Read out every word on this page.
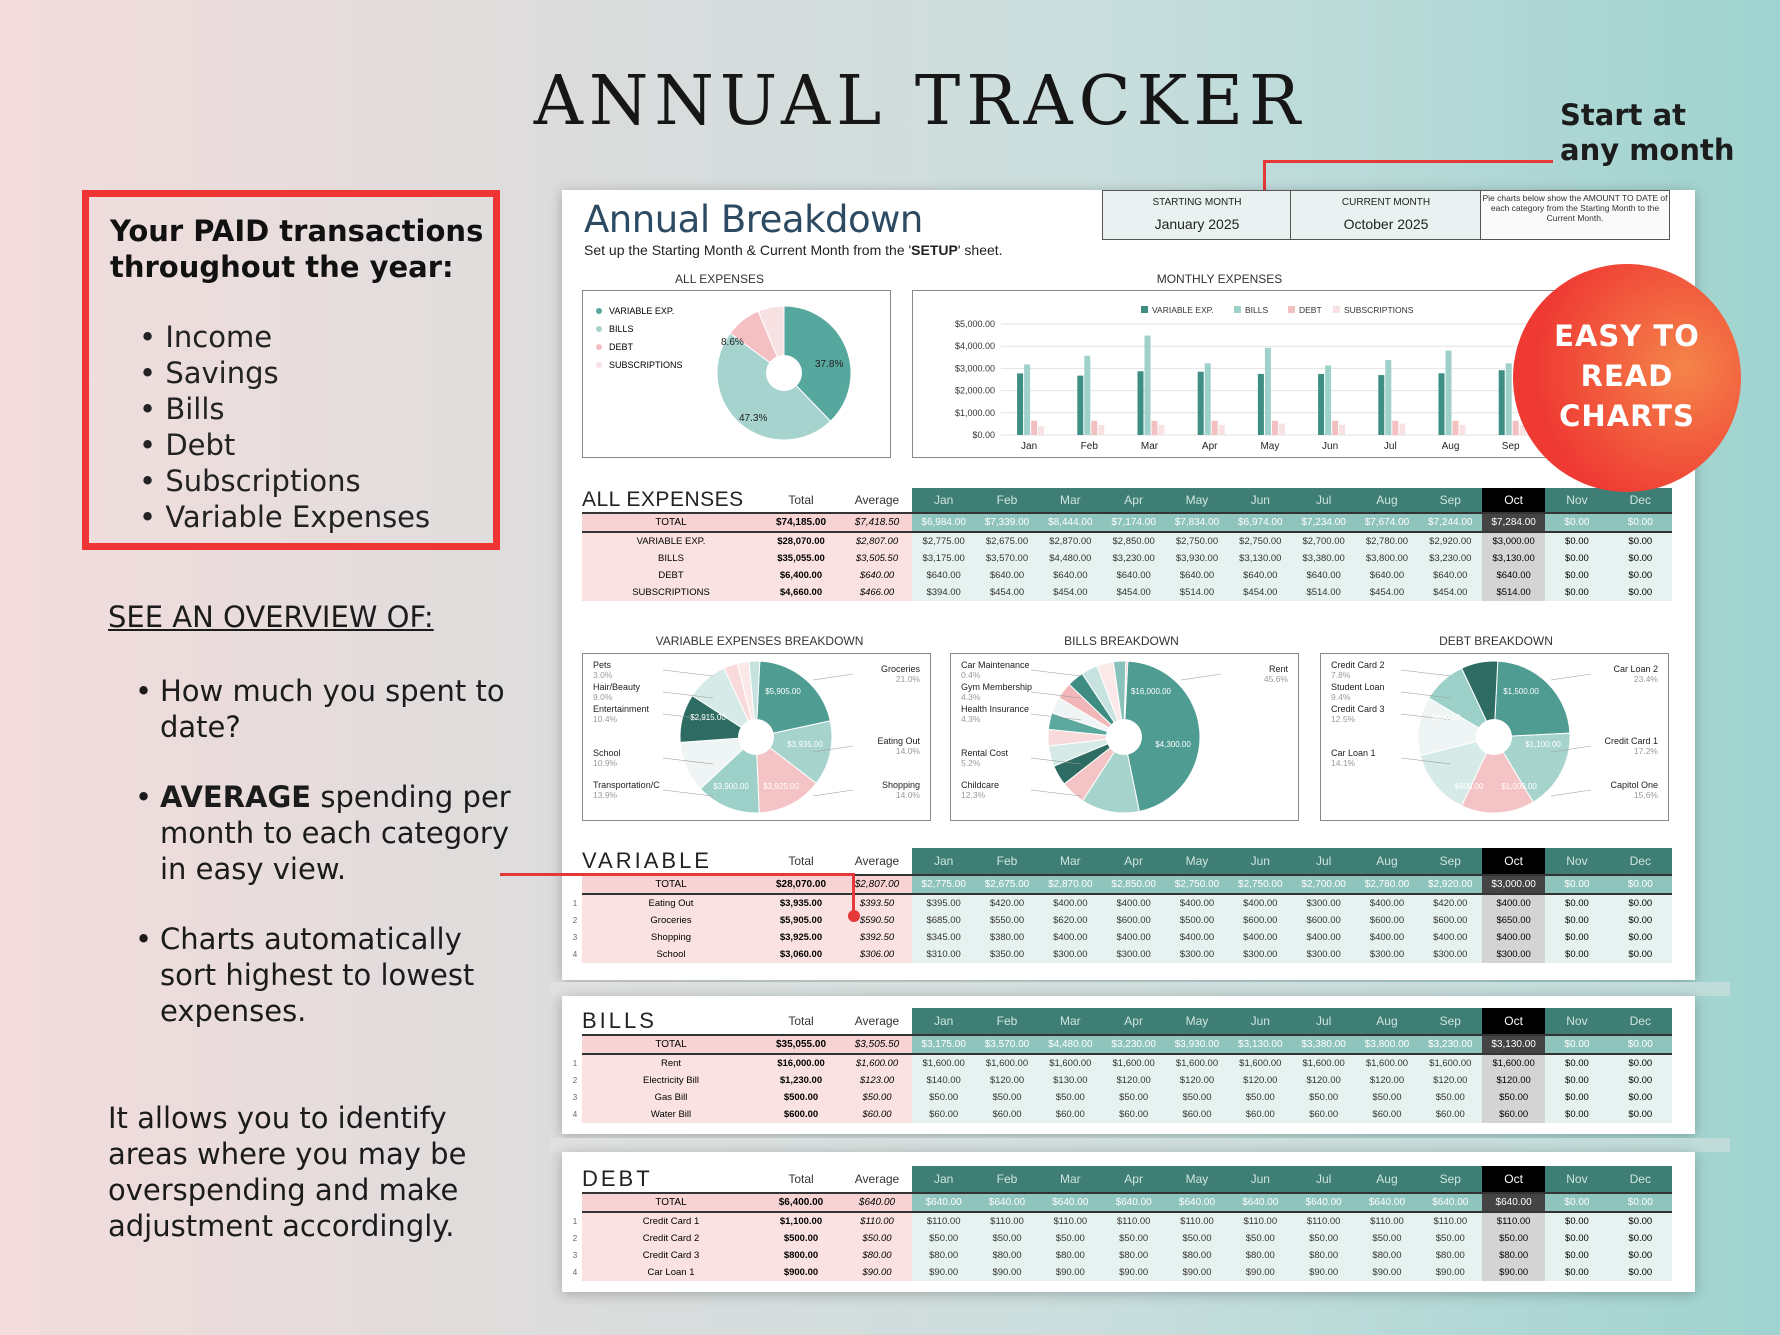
ANNUAL TRACKER	Start at
any month
Your PAID transactions
throughout the year:
• Income
• Savings
• Bills
• Debt
• Subscriptions
• Variable Expenses
SEE AN OVERVIEW OF:
• How much you spent to date?
• AVERAGE spending per month to each category in easy view.
• Charts automatically sort highest to lowest expenses.
It allows you to identify areas where you may be overspending and make adjustment accordingly.
Annual Breakdown
Set up the Starting Month & Current Month from the 'SETUP' sheet.
STARTING MONTH
January 2025
CURRENT MONTH
October 2025
Pie charts below show the AMOUNT TO DATE of each category from the Starting Month to the Current Month.
ALL EXPENSES
VARIABLE EXP.
BILLS
DEBT
SUBSCRIPTIONS	37.8%
47.3%
8.6%
MONTHLY EXPENSES
$5,000.00
$4,000.00
$3,000.00
$2,000.00
$1,000.00
$0.00
VARIABLE EXP.	BILLS	DEBT	SUBSCRIPTIONS
Jan	Feb	Mar	Apr	May	Jun	Jul	Aug	Sep
ALL EXPENSES	Total	Average	Jan	Feb	Mar	Apr	May	Jun	Jul	Aug	Sep	Oct	Nov	Dec
TOTAL	$74,185.00	$7,418.50	$6,984.00	$7,339.00	$8,444.00	$7,174.00	$7,834.00	$6,974.00	$7,234.00	$7,674.00	$7,244.00	$7,284.00	$0.00	$0.00
VARIABLE EXP.	$28,070.00	$2,807.00	$2,775.00	$2,675.00	$2,870.00	$2,850.00	$2,750.00	$2,750.00	$2,700.00	$2,780.00	$2,920.00	$3,000.00	$0.00	$0.00
BILLS	$35,055.00	$3,505.50	$3,175.00	$3,570.00	$4,480.00	$3,230.00	$3,930.00	$3,130.00	$3,380.00	$3,800.00	$3,230.00	$3,130.00	$0.00	$0.00
DEBT	$6,400.00	$640.00	$640.00	$640.00	$640.00	$640.00	$640.00	$640.00	$640.00	$640.00	$640.00	$640.00	$0.00	$0.00
SUBSCRIPTIONS	$4,660.00	$466.00	$394.00	$454.00	$454.00	$454.00	$514.00	$454.00	$514.00	$454.00	$454.00	$514.00	$0.00	$0.00
VARIABLE EXPENSES BREAKDOWN
Pets
3.0%
Hair/Beauty
9.0%
Entertainment
10.4%
School
10.9%
Transportation/C
13.9%
Groceries
21.0%
Eating Out
14.0%
Shopping
14.0%
$5,905.00
$3,935.00
$3,925.00
$3,900.00
$2,915.00
BILLS BREAKDOWN
Car Maintenance
0.4%
Gym Membership
4.3%
Health Insurance
4.3%
Rental Cost
5.2%
Childcare
12.3%
Rent
45.6%
$16,000.00
$4,300.00
DEBT BREAKDOWN
Credit Card 2
7.8%
Student Loan
9.4%
Credit Card 3
12.5%
Car Loan 1
14.1%
Car Loan 2
23.4%
Credit Card 1
17.2%
Capitol One
15.6%
$1,500.00
$1,100.00
$1,000.00
$900.00
$800.00
	VARIABLE	Total	Average	Jan	Feb	Mar	Apr	May	Jun	Jul	Aug	Sep	Oct	Nov	Dec
	TOTAL	$28,070.00	$2,807.00	$2,775.00	$2,675.00	$2,870.00	$2,850.00	$2,750.00	$2,750.00	$2,700.00	$2,780.00	$2,920.00	$3,000.00	$0.00	$0.00
1	Eating Out	$3,935.00	$393.50	$395.00	$420.00	$400.00	$400.00	$400.00	$400.00	$300.00	$400.00	$420.00	$400.00	$0.00	$0.00
2	Groceries	$5,905.00	$590.50	$685.00	$550.00	$620.00	$600.00	$500.00	$600.00	$600.00	$600.00	$600.00	$650.00	$0.00	$0.00
3	Shopping	$3,925.00	$392.50	$345.00	$380.00	$400.00	$400.00	$400.00	$400.00	$400.00	$400.00	$400.00	$400.00	$0.00	$0.00
4	School	$3,060.00	$306.00	$310.00	$350.00	$300.00	$300.00	$300.00	$300.00	$300.00	$300.00	$300.00	$300.00	$0.00	$0.00
	BILLS	Total	Average	Jan	Feb	Mar	Apr	May	Jun	Jul	Aug	Sep	Oct	Nov	Dec
	TOTAL	$35,055.00	$3,505.50	$3,175.00	$3,570.00	$4,480.00	$3,230.00	$3,930.00	$3,130.00	$3,380.00	$3,800.00	$3,230.00	$3,130.00	$0.00	$0.00
1	Rent	$16,000.00	$1,600.00	$1,600.00	$1,600.00	$1,600.00	$1,600.00	$1,600.00	$1,600.00	$1,600.00	$1,600.00	$1,600.00	$1,600.00	$0.00	$0.00
2	Electricity Bill	$1,230.00	$123.00	$140.00	$120.00	$130.00	$120.00	$120.00	$120.00	$120.00	$120.00	$120.00	$120.00	$0.00	$0.00
3	Gas Bill	$500.00	$50.00	$50.00	$50.00	$50.00	$50.00	$50.00	$50.00	$50.00	$50.00	$50.00	$50.00	$0.00	$0.00
4	Water Bill	$600.00	$60.00	$60.00	$60.00	$60.00	$60.00	$60.00	$60.00	$60.00	$60.00	$60.00	$60.00	$0.00	$0.00
	DEBT	Total	Average	Jan	Feb	Mar	Apr	May	Jun	Jul	Aug	Sep	Oct	Nov	Dec
	TOTAL	$6,400.00	$640.00	$640.00	$640.00	$640.00	$640.00	$640.00	$640.00	$640.00	$640.00	$640.00	$640.00	$0.00	$0.00
1	Credit Card 1	$1,100.00	$110.00	$110.00	$110.00	$110.00	$110.00	$110.00	$110.00	$110.00	$110.00	$110.00	$110.00	$0.00	$0.00
2	Credit Card 2	$500.00	$50.00	$50.00	$50.00	$50.00	$50.00	$50.00	$50.00	$50.00	$50.00	$50.00	$50.00	$0.00	$0.00
3	Credit Card 3	$800.00	$80.00	$80.00	$80.00	$80.00	$80.00	$80.00	$80.00	$80.00	$80.00	$80.00	$80.00	$0.00	$0.00
4	Car Loan 1	$900.00	$90.00	$90.00	$90.00	$90.00	$90.00	$90.00	$90.00	$90.00	$90.00	$90.00	$90.00	$0.00	$0.00
EASY TO
READ
CHARTS
